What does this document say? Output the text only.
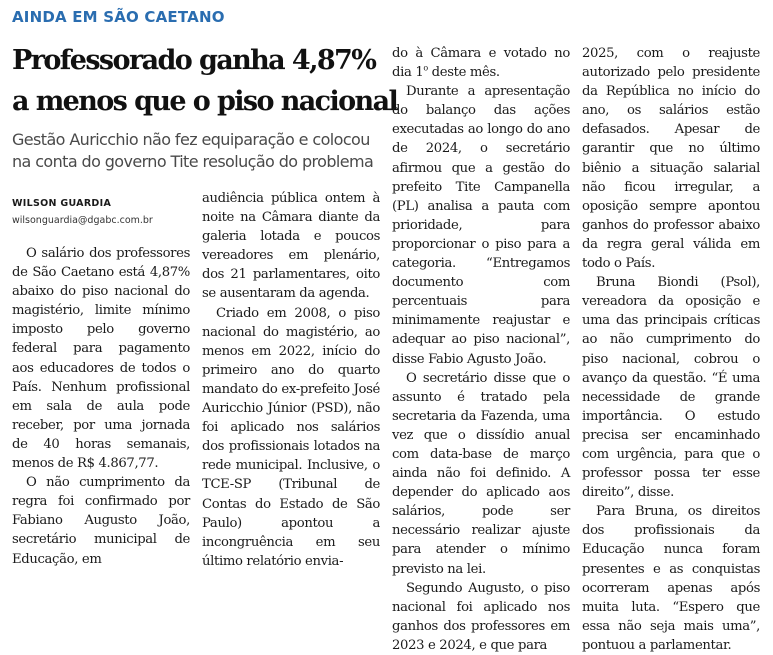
AINDA EM SÃO CAETANO
Professorado ganha 4,87%
a menos que o piso nacional
Gestão Auricchio não fez equiparação e colocou
na conta do governo Tite resolução do problema
WILSON GUARDIA
wilsonguardia@dgabc.com.br

O salário dos professores de São Caetano está 4,87% abaixo do piso nacional do magistério, limite mínimo imposto pelo governo federal para pagamento aos educadores de todos o País. Nenhum profissional em sala de aula pode receber, por uma jornada de 40 horas semanais, menos de R$ 4.867,77.

O não cumprimento da regra foi confirmado por Fabiano Augusto João, secretário municipal de Educação, em

audiência pública ontem à noite na Câmara diante da galeria lotada e poucos vereadores em plenário, dos 21 parlamentares, oito se ausentaram da agenda.

Criado em 2008, o piso nacional do magistério, ao menos em 2022, início do primeiro ano do quarto mandato do ex-prefeito José Auricchio Júnior (PSD), não foi aplicado nos salários dos profissionais lotados na rede municipal. Inclusive, o TCE-SP (Tribunal de Contas do Estado de São Paulo) apontou a incongruência em seu último relatório envia-

do à Câmara e votado no dia 1$^o$ deste mês.

Durante a apresentação do balanço das ações executadas ao longo do ano de 2024, o secretário afirmou que a gestão do prefeito Tite Campanella (PL) analisa a pauta com prioridade, para proporcionar o piso para a categoria. “Entregamos documento com percentuais para minimamente reajustar e adequar ao piso nacional”, disse Fabio Agusto João.

O secretário disse que o assunto é tratado pela secretaria da Fazenda, uma vez que o dissídio anual com data-base de março ainda não foi definido. A depender do aplicado aos salários, pode ser necessário realizar ajuste para atender o mínimo previsto na lei.

Segundo Augusto, o piso nacional foi aplicado nos ganhos dos professores em 2023 e 2024, e que para

2025, com o reajuste autorizado pelo presidente da República no início do ano, os salários estão defasados. Apesar de garantir que no último biênio a situação salarial não ficou irregular, a oposição sempre apontou ganhos do professor abaixo da regra geral válida em todo o País.

Bruna Biondi (Psol), vereadora da oposição e uma das principais críticas ao não cumprimento do piso nacional, cobrou o avanço da questão. “É uma necessidade de grande importância. O estudo precisa ser encaminhado com urgência, para que o professor possa ter esse direito”, disse.

Para Bruna, os direitos dos profissionais da Educação nunca foram presentes e as conquistas ocorreram apenas após muita luta. “Espero que essa não seja mais uma”, pontuou a parlamentar.
